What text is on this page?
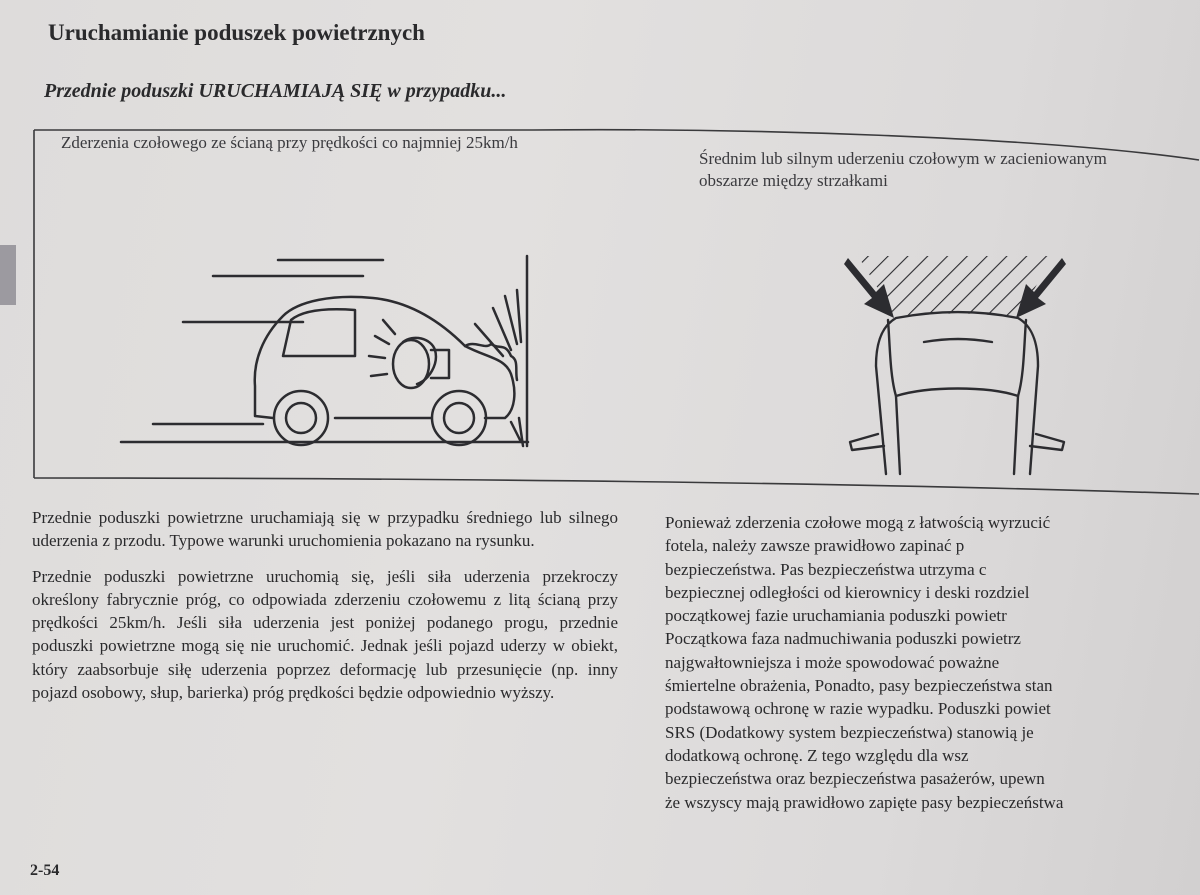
Uruchamianie poduszek powietrznych
Przednie poduszki URUCHAMIAJĄ SIĘ w przypadku...
Zderzenia czołowego ze ścianą przy prędkości co najmniej 25km/h
Średnim lub silnym uderzeniu czołowym w zacieniowanym obszarze między strzałkami

Przednie poduszki powietrzne uruchamiają się w przypadku średniego lub silnego uderzenia z przodu. Typowe warunki uruchomienia pokazano na rysunku.

Przednie poduszki powietrzne uruchomią się, jeśli siła uderzenia przekroczy określony fabrycznie próg, co odpowiada zderzeniu czołowemu z litą ścianą przy prędkości 25km/h. Jeśli siła uderzenia jest poniżej podanego progu, przednie poduszki powietrzne mogą się nie uruchomić. Jednak jeśli pojazd uderzy w obiekt, który zaabsorbuje siłę uderzenia poprzez deformację lub przesunięcie (np. inny pojazd osobowy, słup, barierka) próg prędkości będzie odpowiednio wyższy.

Ponieważ zderzenia czołowe mogą z łatwością wyrzucić
fotela, należy zawsze prawidłowo zapinać p
bezpieczeństwa. Pas bezpieczeństwa utrzyma c
bezpiecznej odległości od kierownicy i deski rozdziel
początkowej fazie uruchamiania poduszki powietr
Początkowa faza nadmuchiwania poduszki powietrz
najgwałtowniejsza i może spowodować poważne
śmiertelne obrażenia, Ponadto, pasy bezpieczeństwa stan
podstawową ochronę w razie wypadku. Poduszki powiet
SRS (Dodatkowy system bezpieczeństwa) stanowią je
dodatkową ochronę. Z tego względu dla wsz
bezpieczeństwa oraz bezpieczeństwa pasażerów, upewn
że wszyscy mają prawidłowo zapięte pasy bezpieczeństwa
2-54
